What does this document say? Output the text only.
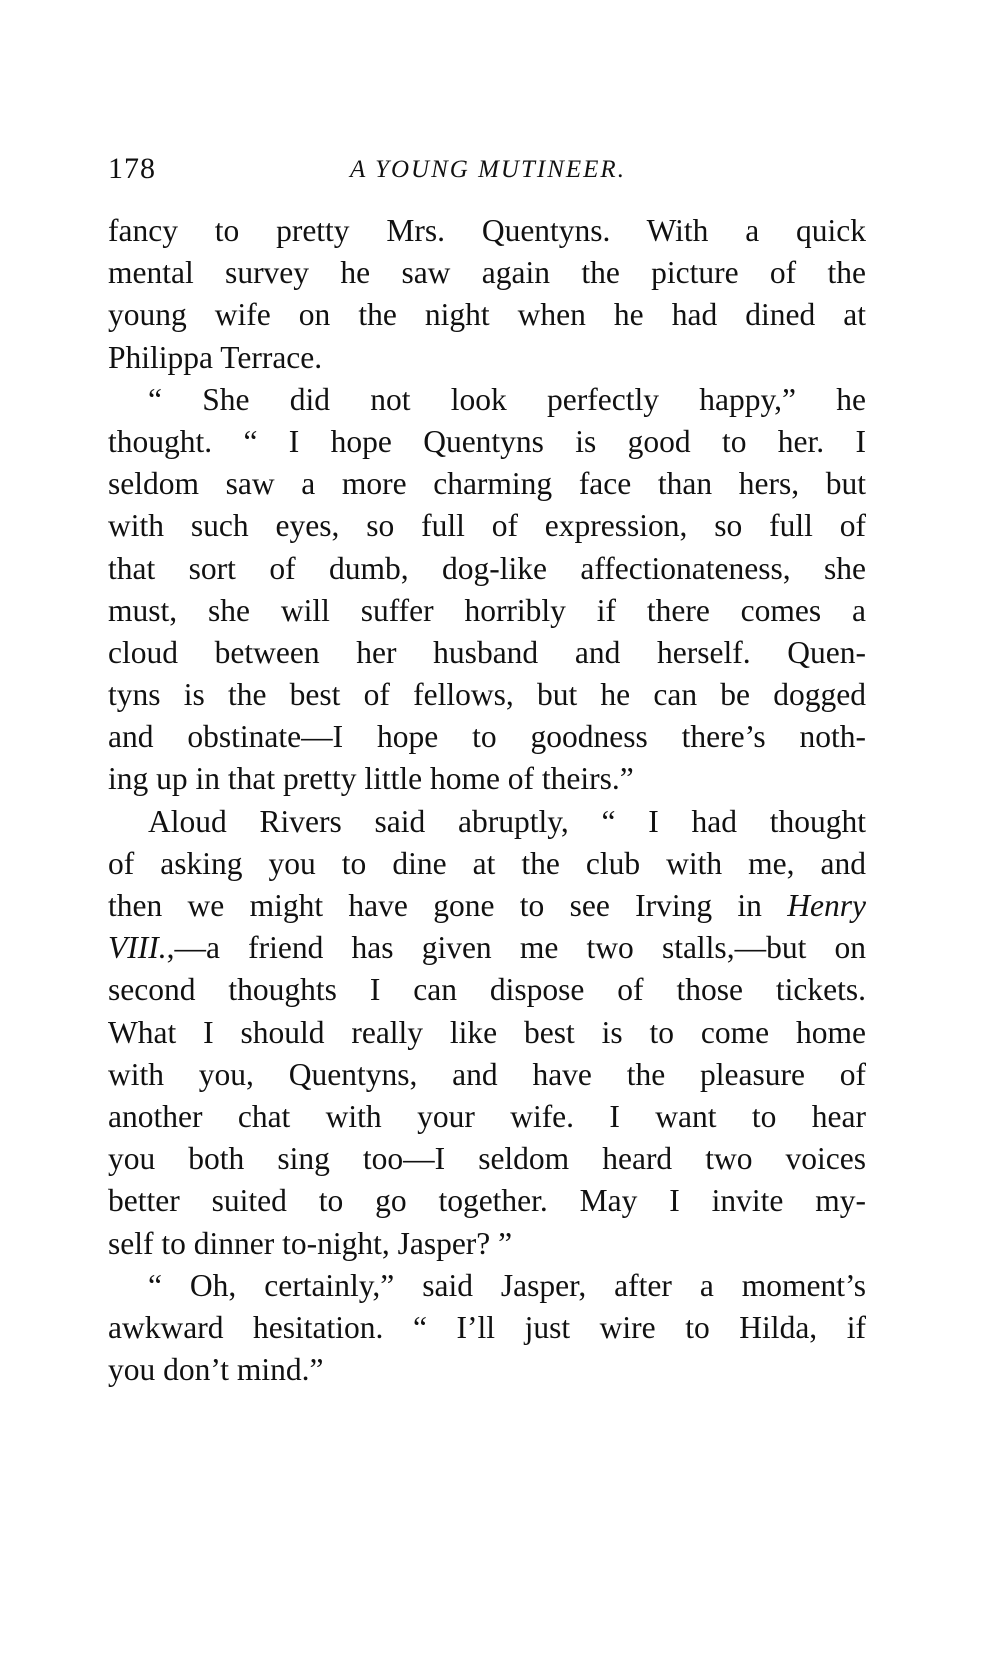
178	A YOUNG MUTINEER.
fancy to pretty Mrs. Quentyns. With a quick
mental survey he saw again the picture of the
young wife on the night when he had dined at
Philippa Terrace.
“ She did not look perfectly happy,” he
thought. “ I hope Quentyns is good to her. I
seldom saw a more charming face than hers, but
with such eyes, so full of expression, so full of
that sort of dumb, dog-like affectionateness, she
must, she will suffer horribly if there comes a
cloud between her husband and herself. Quen-
tyns is the best of fellows, but he can be dogged
and obstinate—I hope to goodness there’s noth-
ing up in that pretty little home of theirs.”
Aloud Rivers said abruptly, “ I had thought
of asking you to dine at the club with me, and
then we might have gone to see Irving in Henry
VIII.,—a friend has given me two stalls,—but on
second thoughts I can dispose of those tickets.
What I should really like best is to come home
with you, Quentyns, and have the pleasure of
another chat with your wife. I want to hear
you both sing too—I seldom heard two voices
better suited to go together. May I invite my-
self to dinner to-night, Jasper? ”
“ Oh, certainly,” said Jasper, after a moment’s
awkward hesitation. “ I’ll just wire to Hilda, if
you don’t mind.”
